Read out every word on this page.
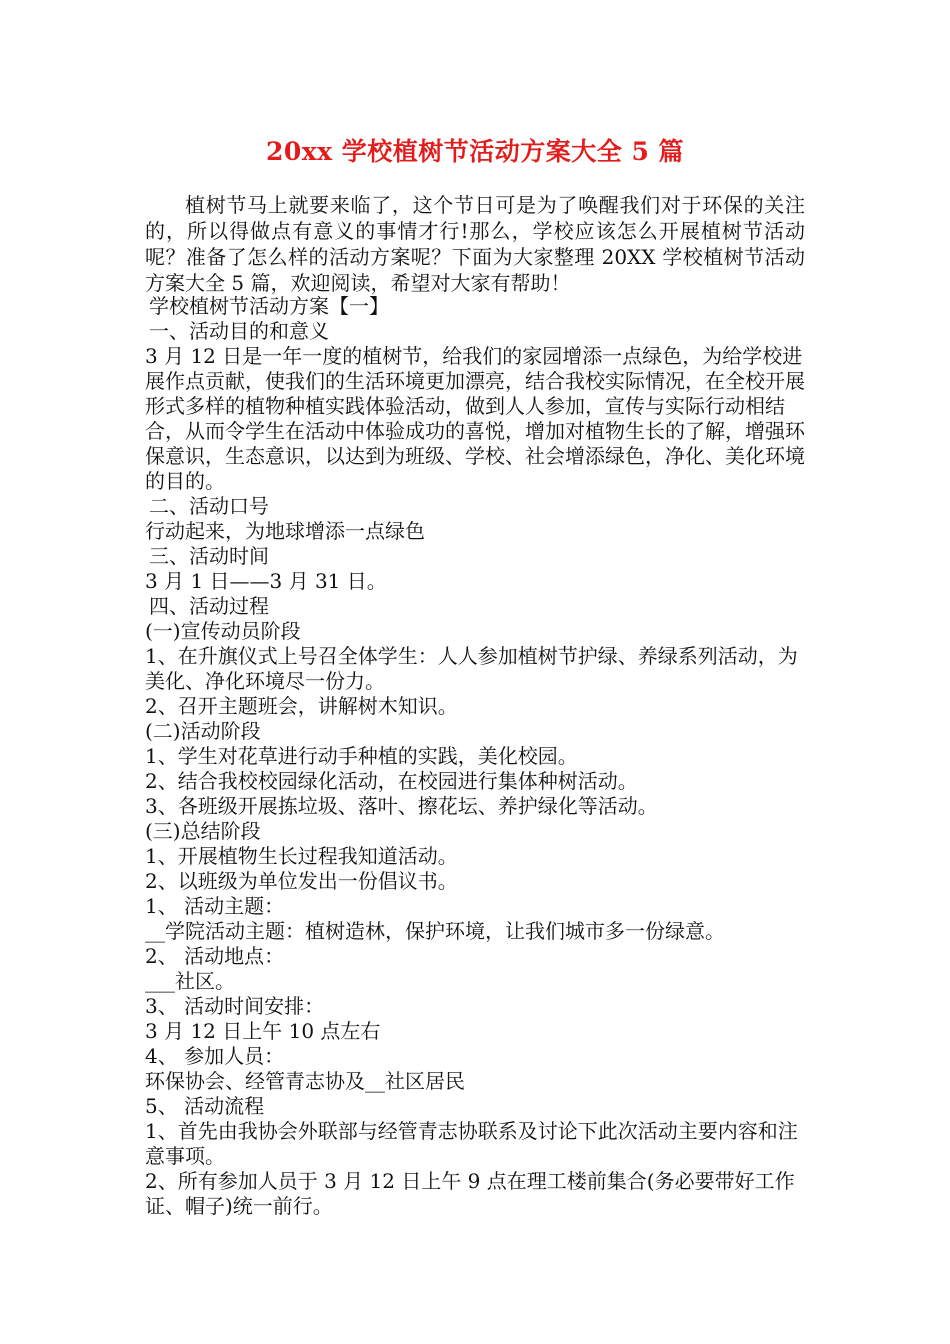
20xx 学校植树节活动方案大全 5 篇

植树节马上就要来临了，这个节日可是为了唤醒我们对于环保的关注的，所以得做点有意义的事情才行!那么，学校应该怎么开展植树节活动呢？准备了怎么样的活动方案呢？下面为大家整理 20XX 学校植树节活动方案大全 5 篇，欢迎阅读，希望对大家有帮助！

学校植树节活动方案【一】

一、活动目的和意义

3 月 12 日是一年一度的植树节，给我们的家园增添一点绿色，为给学校进展作点贡献，使我们的生活环境更加漂亮，结合我校实际情况，在全校开展形式多样的植物种植实践体验活动，做到人人参加，宣传与实际行动相结合，从而令学生在活动中体验成功的喜悦，增加对植物生长的了解，增强环保意识，生态意识，以达到为班级、学校、社会增添绿色，净化、美化环境的目的。

二、活动口号

行动起来，为地球增添一点绿色

三、活动时间

3 月 1 日——3 月 31 日。

四、活动过程

(一)宣传动员阶段

1、在升旗仪式上号召全体学生：人人参加植树节护绿、养绿系列活动，为美化、净化环境尽一份力。

2、召开主题班会，讲解树木知识。

(二)活动阶段

1、学生对花草进行动手种植的实践，美化校园。

2、结合我校校园绿化活动，在校园进行集体种树活动。

3、各班级开展拣垃圾、落叶、擦花坛、养护绿化等活动。

(三)总结阶段

1、开展植物生长过程我知道活动。

2、以班级为单位发出一份倡议书。

1、 活动主题：

__学院活动主题：植树造林，保护环境，让我们城市多一份绿意。

2、 活动地点：

___社区。

3、 活动时间安排：

3 月 12 日上午 10 点左右

4、 参加人员：

环保协会、经管青志协及__社区居民

5、 活动流程

1、首先由我协会外联部与经管青志协联系及讨论下此次活动主要内容和注意事项。

2、所有参加人员于 3 月 12 日上午 9 点在理工楼前集合(务必要带好工作证、帽子)统一前行。
